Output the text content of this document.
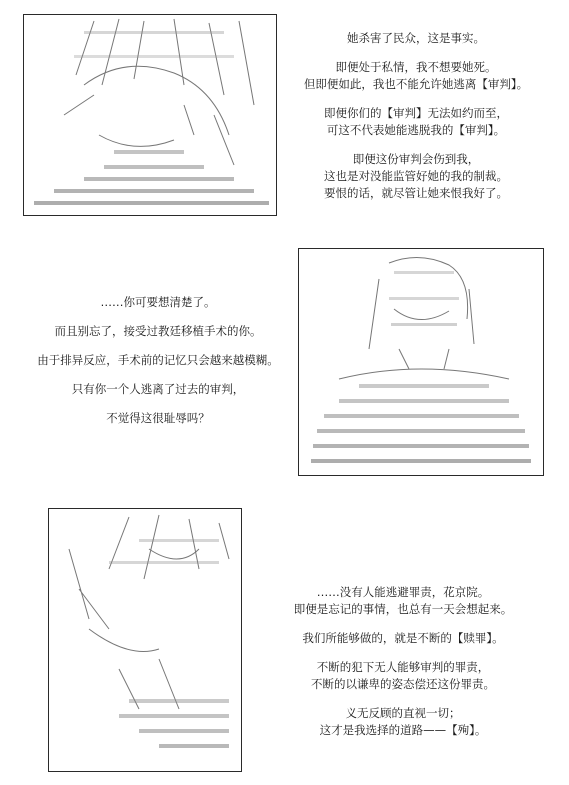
她杀害了民众，这是事实。

即便处于私情，我不想要她死。
但即便如此，我也不能允许她逃离【审判】。

即便你们的【审判】无法如约而至，
可这不代表她能逃脱我的【审判】。

即便这份审判会伤到我，
这也是对没能监管好她的我的制裁。
要恨的话，就尽管让她来恨我好了。

……你可要想清楚了。

而且别忘了，接受过教廷移植手术的你。

由于排异反应，手术前的记忆只会越来越模糊。

只有你一个人逃离了过去的审判，

不觉得这很耻辱吗？

……没有人能逃避罪责，花京院。
即便是忘记的事情，也总有一天会想起来。

我们所能够做的，就是不断的【赎罪】。

不断的犯下无人能够审判的罪责，
不断的以谦卑的姿态偿还这份罪责。

义无反顾的直视一切；
这才是我选择的道路——【殉】。
